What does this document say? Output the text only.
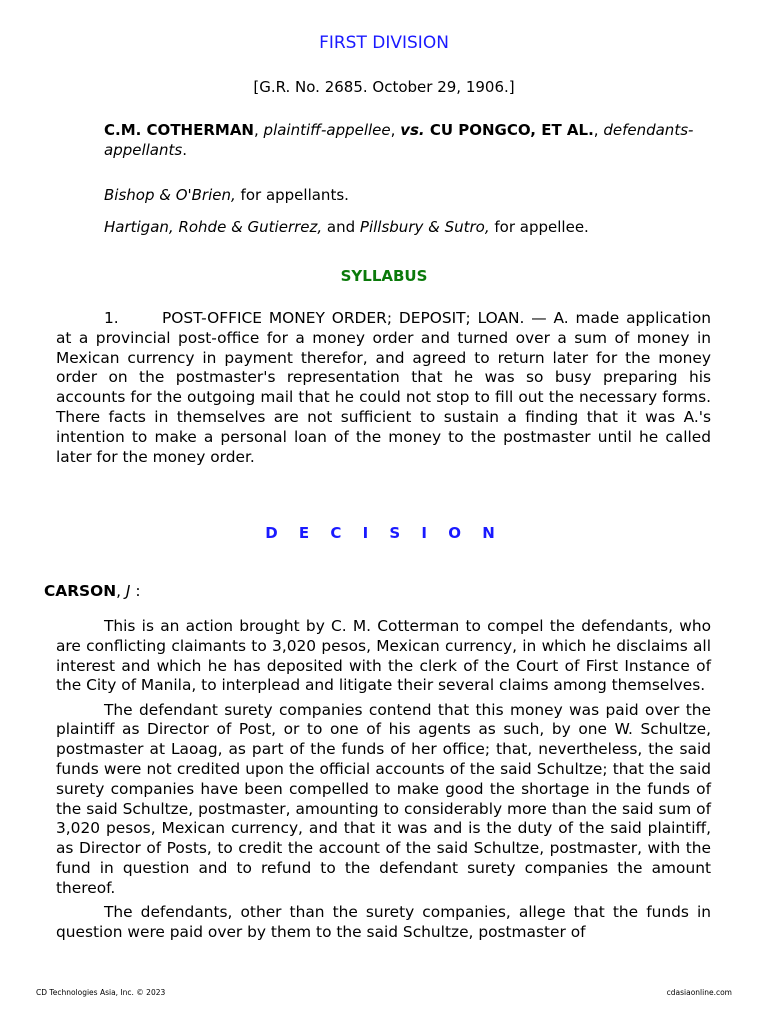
FIRST DIVISION
[G.R. No. 2685. October 29, 1906.]
C.M. COTHERMAN, plaintiff-appellee, vs. CU PONGCO, ET AL., defendants-appellants.
Bishop & O'Brien, for appellants.
Hartigan, Rohde & Gutierrez, and Pillsbury & Sutro, for appellee.
SYLLABUS
1.	POST-OFFICE MONEY ORDER; DEPOSIT; LOAN. — A. made application at a provincial post-office for a money order and turned over a sum of money in Mexican currency in payment therefor, and agreed to return later for the money order on the postmaster's representation that he was so busy preparing his accounts for the outgoing mail that he could not stop to fill out the necessary forms. There facts in themselves are not sufficient to sustain a finding that it was A.'s intention to make a personal loan of the money to the postmaster until he called later for the money order.
D E C I S I O N
CARSON, J :

This is an action brought by C. M. Cotterman to compel the defendants, who are conflicting claimants to 3,020 pesos, Mexican currency, in which he disclaims all interest and which he has deposited with the clerk of the Court of First Instance of the City of Manila, to interplead and litigate their several claims among themselves.

The defendant surety companies contend that this money was paid over the plaintiff as Director of Post, or to one of his agents as such, by one W. Schultze, postmaster at Laoag, as part of the funds of her office; that, nevertheless, the said funds were not credited upon the official accounts of the said Schultze; that the said surety companies have been compelled to make good the shortage in the funds of the said Schultze, postmaster, amounting to considerably more than the said sum of 3,020 pesos, Mexican currency, and that it was and is the duty of the said plaintiff, as Director of Posts, to credit the account of the said Schultze, postmaster, with the fund in question and to refund to the defendant surety companies the amount thereof.

The defendants, other than the surety companies, allege that the funds in question were paid over by them to the said Schultze, postmaster of

CD Technologies Asia, Inc. © 2023	cdasiaonline.com
